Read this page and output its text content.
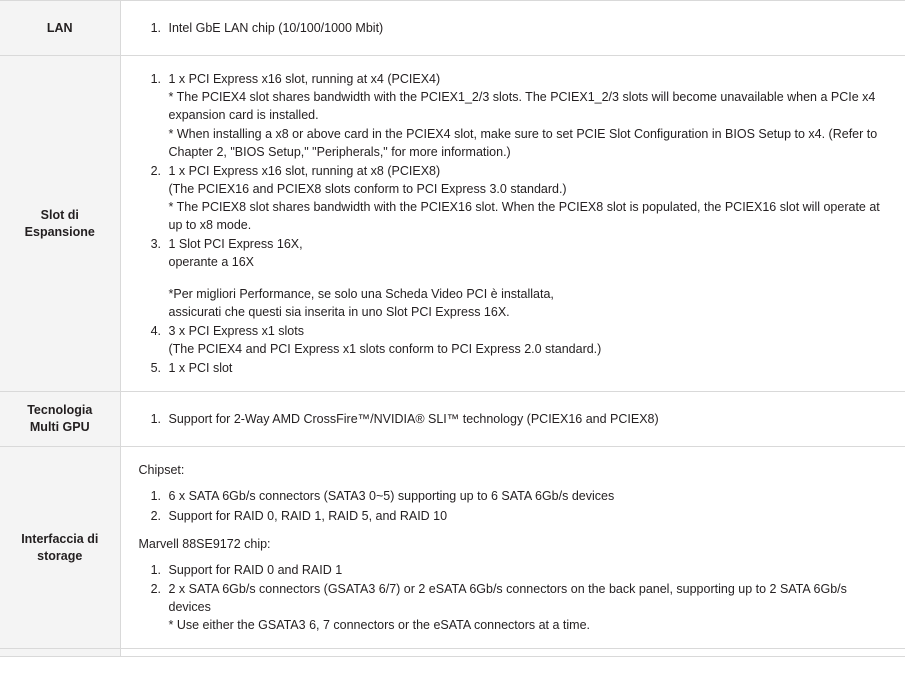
LAN	
1.Intel GbE LAN chip (10/100/1000 Mbit)

Slot di
Espansione	
1. 1 x PCI Express x16 slot, running at x4 (PCIEX4)
* The PCIEX4 slot shares bandwidth with the PCIEX1_2/3 slots. The PCIEX1_2/3 slots will become unavailable when a PCIe x4 expansion card is installed.
* When installing a x8 or above card in the PCIEX4 slot, make sure to set PCIE Slot Configuration in BIOS Setup to x4. (Refer to Chapter 2, "BIOS Setup," "Peripherals," for more information.)
2. 1 x PCI Express x16 slot, running at x8 (PCIEX8)
(The PCIEX16 and PCIEX8 slots conform to PCI Express 3.0 standard.)
* The PCIEX8 slot shares bandwidth with the PCIEX16 slot. When the PCIEX8 slot is populated, the PCIEX16 slot will operate at up to x8 mode.
3. 1 Slot PCI Express 16X,
operante a 16X
*Per migliori Performance, se solo una Scheda Video PCI è installata,
assicurati che questi sia inserita in uno Slot PCI Express 16X.
4. 3 x PCI Express x1 slots
(The PCIEX4 and PCI Express x1 slots conform to PCI Express 2.0 standard.)
5. 1 x PCI slot

Tecnologia
Multi GPU	
1. Support for 2-Way AMD CrossFire™/NVIDIA® SLI™ technology (PCIEX16 and PCIEX8)

Interfaccia di
storage	

Chipset:

1. 6 x SATA 6Gb/s connectors (SATA3 0~5) supporting up to 6 SATA 6Gb/s devices
2. Support for RAID 0, RAID 1, RAID 5, and RAID 10

Marvell 88SE9172 chip:

1. Support for RAID 0 and RAID 1
2. 2 x SATA 6Gb/s connectors (GSATA3 6/7) or 2 eSATA 6Gb/s connectors on the back panel, supporting up to 2 SATA 6Gb/s devices
* Use either the GSATA3 6, 7 connectors or the eSATA connectors at a time.
